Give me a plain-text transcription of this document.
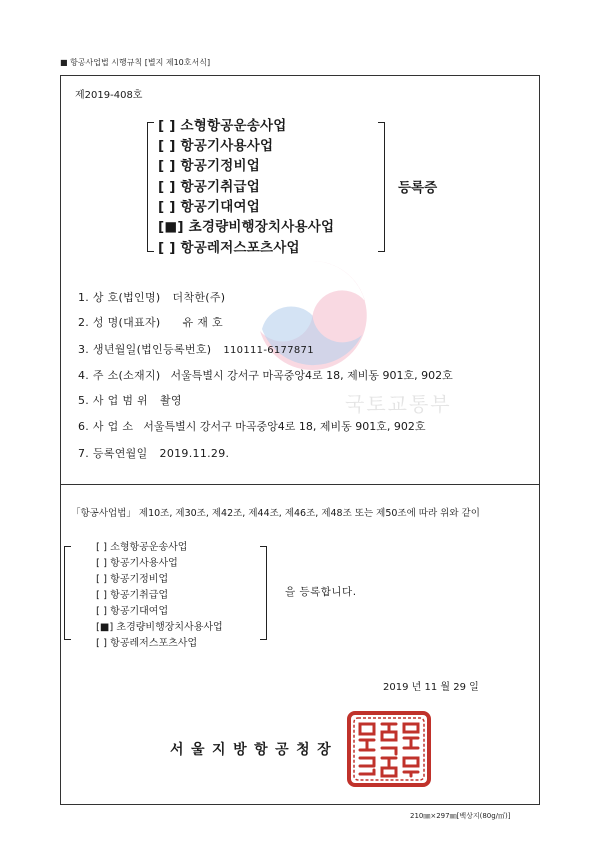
■ 항공사업법 시행규칙 [별지 제10호서식]
제2019-408호
국토교통부
[ ] 소형항공운송사업
[ ] 항공기사용사업
[ ] 항공기정비업
[ ] 항공기취급업
[ ] 항공기대여업
[■] 초경량비행장치사용사업
[ ] 항공레저스포츠사업
등록증
1. 상 호(법인명) 더착한(주)
2. 성 명(대표자) 유 재 호
3. 생년월일(법인등록번호) 110111-6177871
4. 주 소(소재지) 서울특별시 강서구 마곡중앙4로 18, 제비동 901호, 902호
5. 사 업 범 위 촬영
6. 사 업 소 서울특별시 강서구 마곡중앙4로 18, 제비동 901호, 902호
7. 등록연월일 2019.11.29.
「항공사업법」 제10조, 제30조, 제42조, 제44조, 제46조, 제48조 또는 제50조에 따라 위와 같이
[ ] 소형항공운송사업
[ ] 항공기사용사업
[ ] 항공기정비업
[ ] 항공기취급업
[ ] 항공기대여업
[■] 초경량비행장치사용사업
[ ] 항공레저스포츠사업
을 등록합니다.
2019 년 11 월 29 일
서울지방항공청장
210㎜×297㎜[백상지(80g/㎡)]
